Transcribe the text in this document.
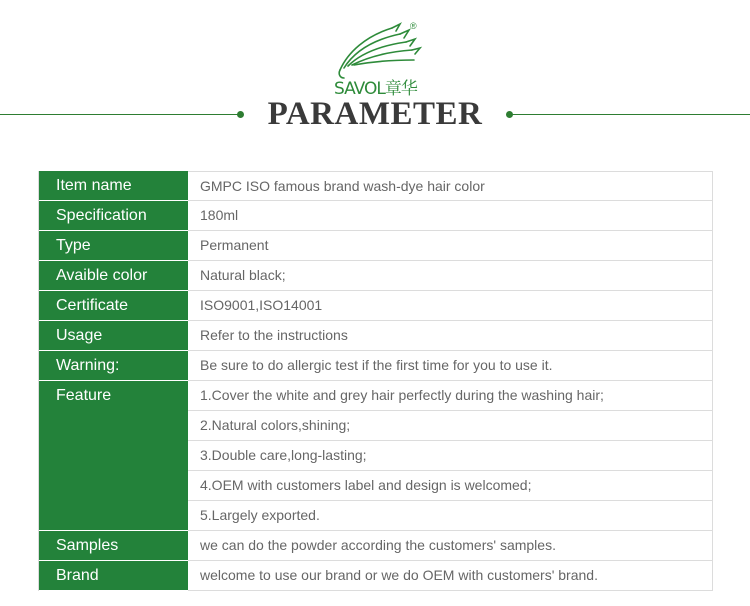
®
SAVOL章华
PARAMETER
Item name	GMPC ISO famous brand wash-dye hair color
Specification	180ml
Type	Permanent
Avaible color	Natural black;
Certificate	ISO9001,ISO14001
Usage	Refer to the instructions
Warning:	Be sure to do allergic test if the first time for you to use it.
Feature	1.Cover the white and grey hair perfectly during the washing hair;
2.Natural colors,shining;
3.Double care,long-lasting;
4.OEM with customers label and design is welcomed;
5.Largely exported.
Samples	we can do the powder according the customers' samples.
Brand	welcome to use our brand or we do OEM with customers' brand.
